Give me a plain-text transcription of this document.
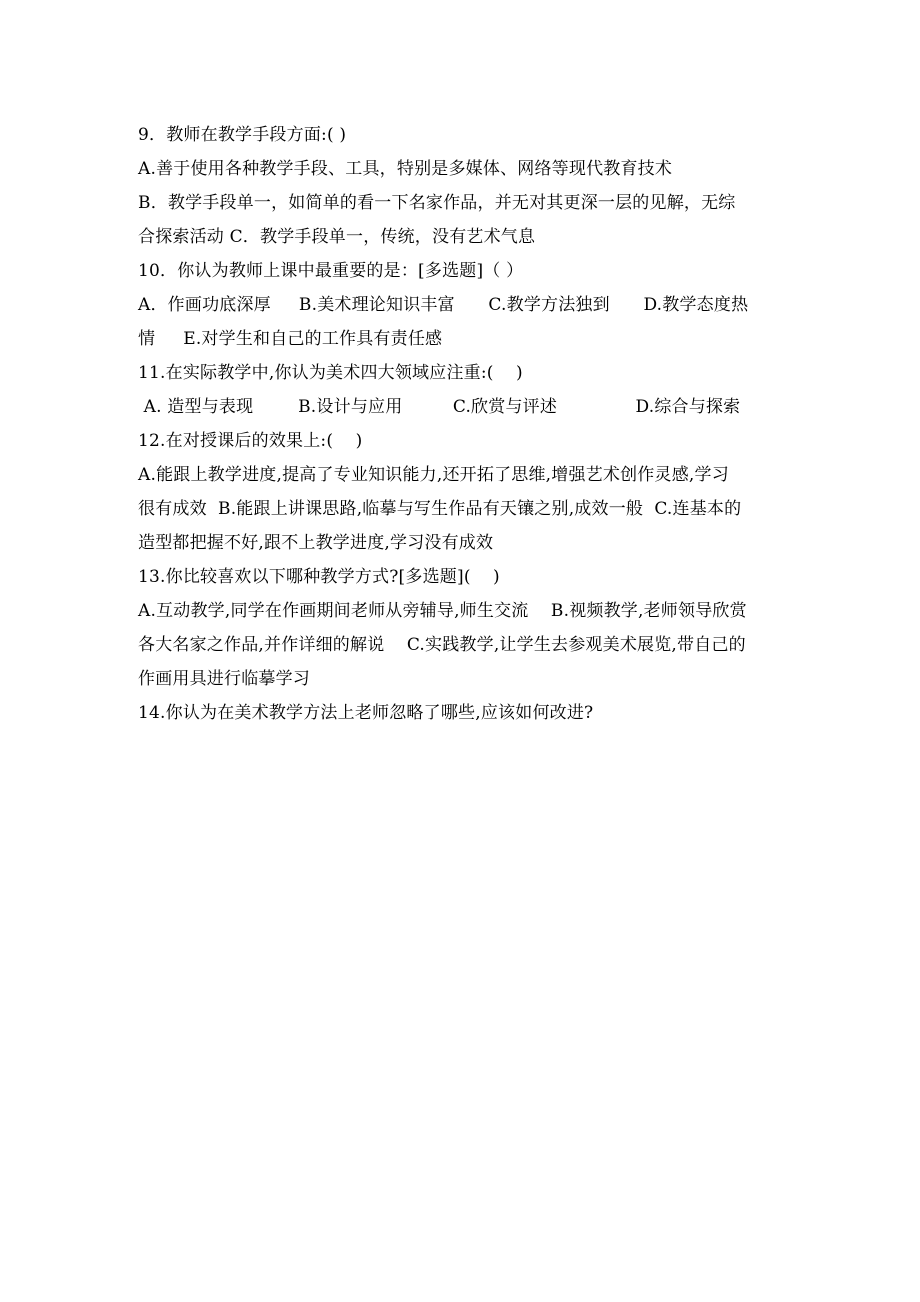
9．教师在教学手段方面:( )
A.善于使用各种教学手段、工具，特别是多媒体、网络等现代教育技术
B．教学手段单一，如简单的看一下名家作品，并无对其更深一层的见解，无综
合探索活动 C．教学手段单一，传统，没有艺术气息
10．你认为教师上课中最重要的是：[多选题]（ ）
A．作画功底深厚     B.美术理论知识丰富      C.教学方法独到      D.教学态度热
情     E.对学生和自己的工作具有责任感
11.在实际教学中,你认为美术四大领域应注重:(    )
A. 造型与表现        B.设计与应用         C.欣赏与评述              D.综合与探索
12.在对授课后的效果上:(    )
A.能跟上教学进度,提高了专业知识能力,还开拓了思维,增强艺术创作灵感,学习
很有成效  B.能跟上讲课思路,临摹与写生作品有天镶之别,成效一般  C.连基本的
造型都把握不好,跟不上教学进度,学习没有成效
13.你比较喜欢以下哪种教学方式?[多选题](    )
A.互动教学,同学在作画期间老师从旁辅导,师生交流    B.视频教学,老师领导欣赏
各大名家之作品,并作详细的解说    C.实践教学,让学生去参观美术展览,带自己的
作画用具进行临摹学习
14.你认为在美术教学方法上老师忽略了哪些,应该如何改进?
